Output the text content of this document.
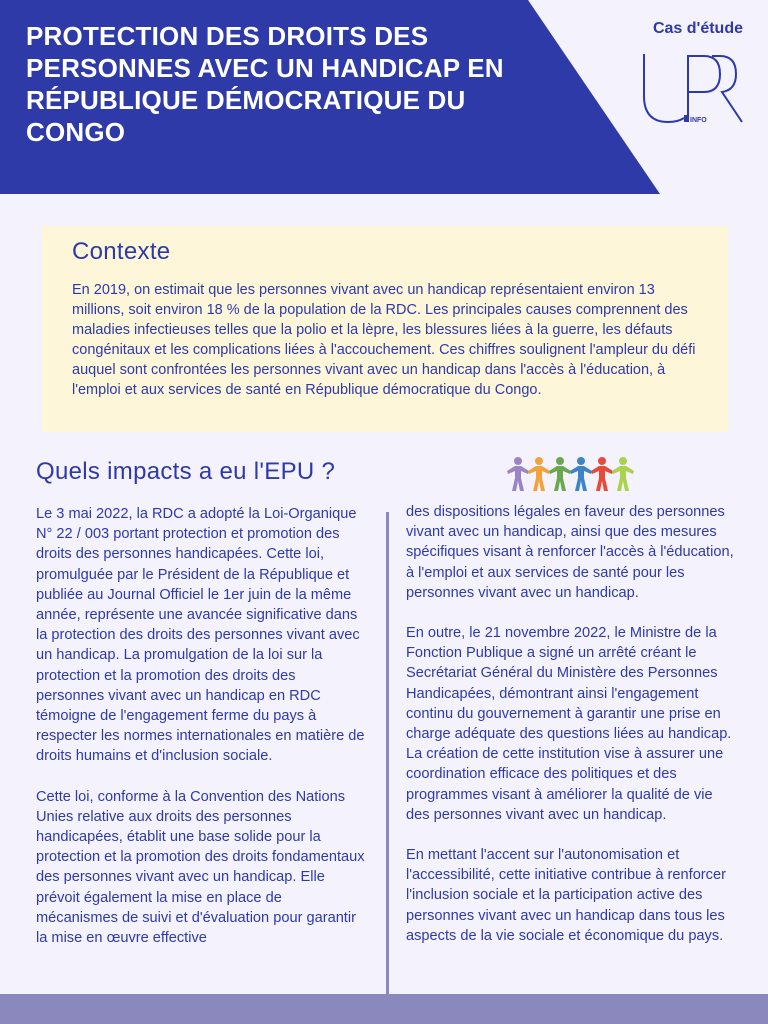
PROTECTION DES DROITS DES PERSONNES AVEC UN HANDICAP EN RÉPUBLIQUE DÉMOCRATIQUE DU CONGO
Cas d'étude
INFO
Contexte

En 2019, on estimait que les personnes vivant avec un handicap représentaient environ 13 millions, soit environ 18 % de la population de la RDC. Les principales causes comprennent des maladies infectieuses telles que la polio et la lèpre, les blessures liées à la guerre, les défauts congénitaux et les complications liées à l'accouchement. Ces chiffres soulignent l'ampleur du défi auquel sont confrontées les personnes vivant avec un handicap dans l'accès à l'éducation, à l'emploi et aux services de santé en République démocratique du Congo.

Quels impacts a eu l'EPU ?

Le 3 mai 2022, la RDC a adopté la Loi-Organique N° 22 / 003 portant protection et promotion des droits des personnes handicapées. Cette loi, promulguée par le Président de la République et publiée au Journal Officiel le 1er juin de la même année, représente une avancée significative dans la protection des droits des personnes vivant avec un handicap. La promulgation de la loi sur la protection et la promotion des droits des personnes vivant avec un handicap en RDC témoigne de l'engagement ferme du pays à respecter les normes internationales en matière de droits humains et d'inclusion sociale.

Cette loi, conforme à la Convention des Nations Unies relative aux droits des personnes handicapées, établit une base solide pour la protection et la promotion des droits fondamentaux des personnes vivant avec un handicap. Elle prévoit également la mise en place de mécanismes de suivi et d'évaluation pour garantir la mise en œuvre effective

des dispositions légales en faveur des personnes vivant avec un handicap, ainsi que des mesures spécifiques visant à renforcer l'accès à l'éducation, à l'emploi et aux services de santé pour les personnes vivant avec un handicap.

En outre, le 21 novembre 2022, le Ministre de la Fonction Publique a signé un arrêté créant le Secrétariat Général du Ministère des Personnes Handicapées, démontrant ainsi l'engagement continu du gouvernement à garantir une prise en charge adéquate des questions liées au handicap. La création de cette institution vise à assurer une coordination efficace des politiques et des programmes visant à améliorer la qualité de vie des personnes vivant avec un handicap.

En mettant l'accent sur l'autonomisation et l'accessibilité, cette initiative contribue à renforcer l'inclusion sociale et la participation active des personnes vivant avec un handicap dans tous les aspects de la vie sociale et économique du pays.
